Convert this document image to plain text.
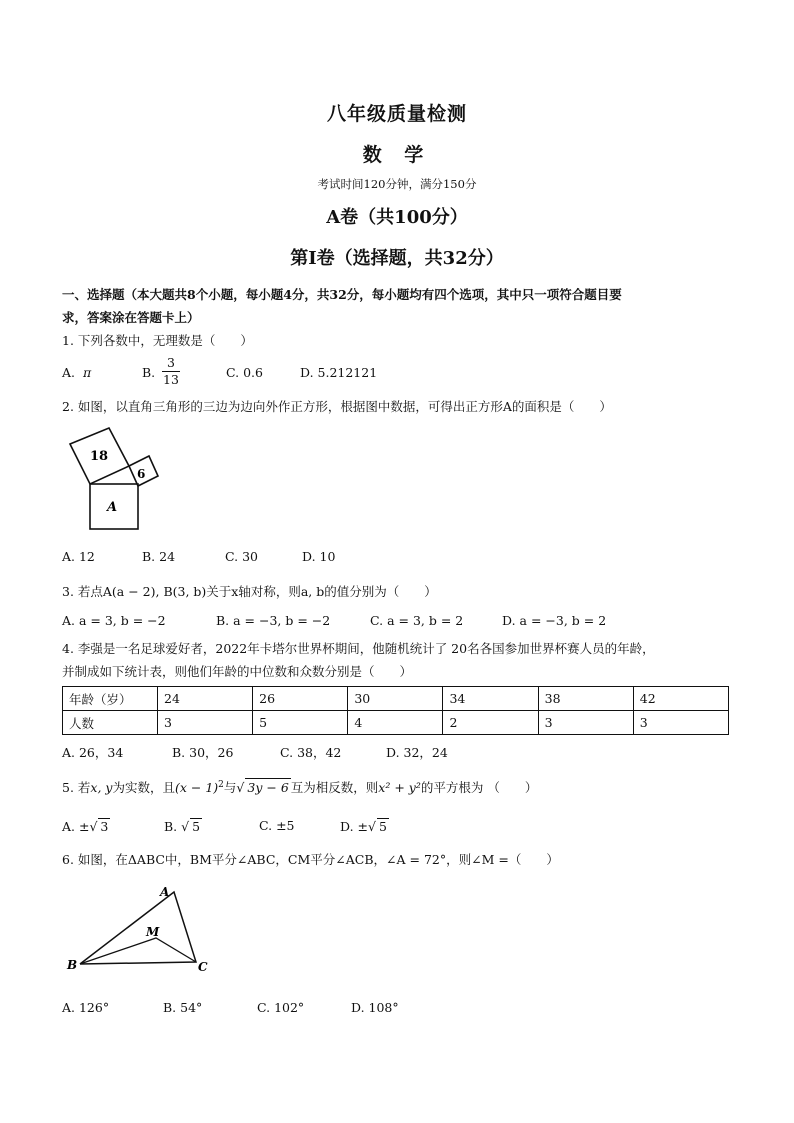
八年级质量检测
数 学
考试时间120分钟，满分150分
A卷（共100分）
第I卷（选择题，共32分）
一、选择题（本大题共8个小题，每小题4分，共32分，每小题均有四个选项，其中只一项符合题目要
求，答案涂在答题卡上）
1. 下列各数中，无理数是（　　）
A. π	B. $\frac{3}{13}$	C. 0.6	D. 5.212121
2. 如图，以直角三角形的三边为边向外作正方形，根据图中数据，可得出正方形A的面积是（　　）
18
6
A
A. 12	B. 24	C. 30	D. 10
3. 若点A(a − 2), B(3, b)关于x轴对称，则a, b的值分别为（　　）
A. a = 3, b = −2	B. a = −3, b = −2	C. a = 3, b = 2	D. a = −3, b = 2
4. 李强是一名足球爱好者，2022年卡塔尔世界杯期间，他随机统计了 20名各国参加世界杯赛人员的年龄，
并制成如下统计表，则他们年龄的中位数和众数分别是（　　）
年龄（岁）	24	26	30	34	38	42
人数	3	5	4	2	3	3
A. 26，34	B. 30，26	C. 38，42	D. 32，24
5. 若x, y为实数，且$(x - 1)^2$与√ 3y − 6 互为相反数，则x² + y²的平方根为 （　　）
A. ±√ 3	B. √ 5	C. ±5	D. ±√ 5
6. 如图，在ΔABC中，BM平分∠ABC，CM平分∠ACB，∠A = 72°，则∠M =（　　）
A
B	C
M
A. 126°	B. 54°	C. 102°	D. 108°
